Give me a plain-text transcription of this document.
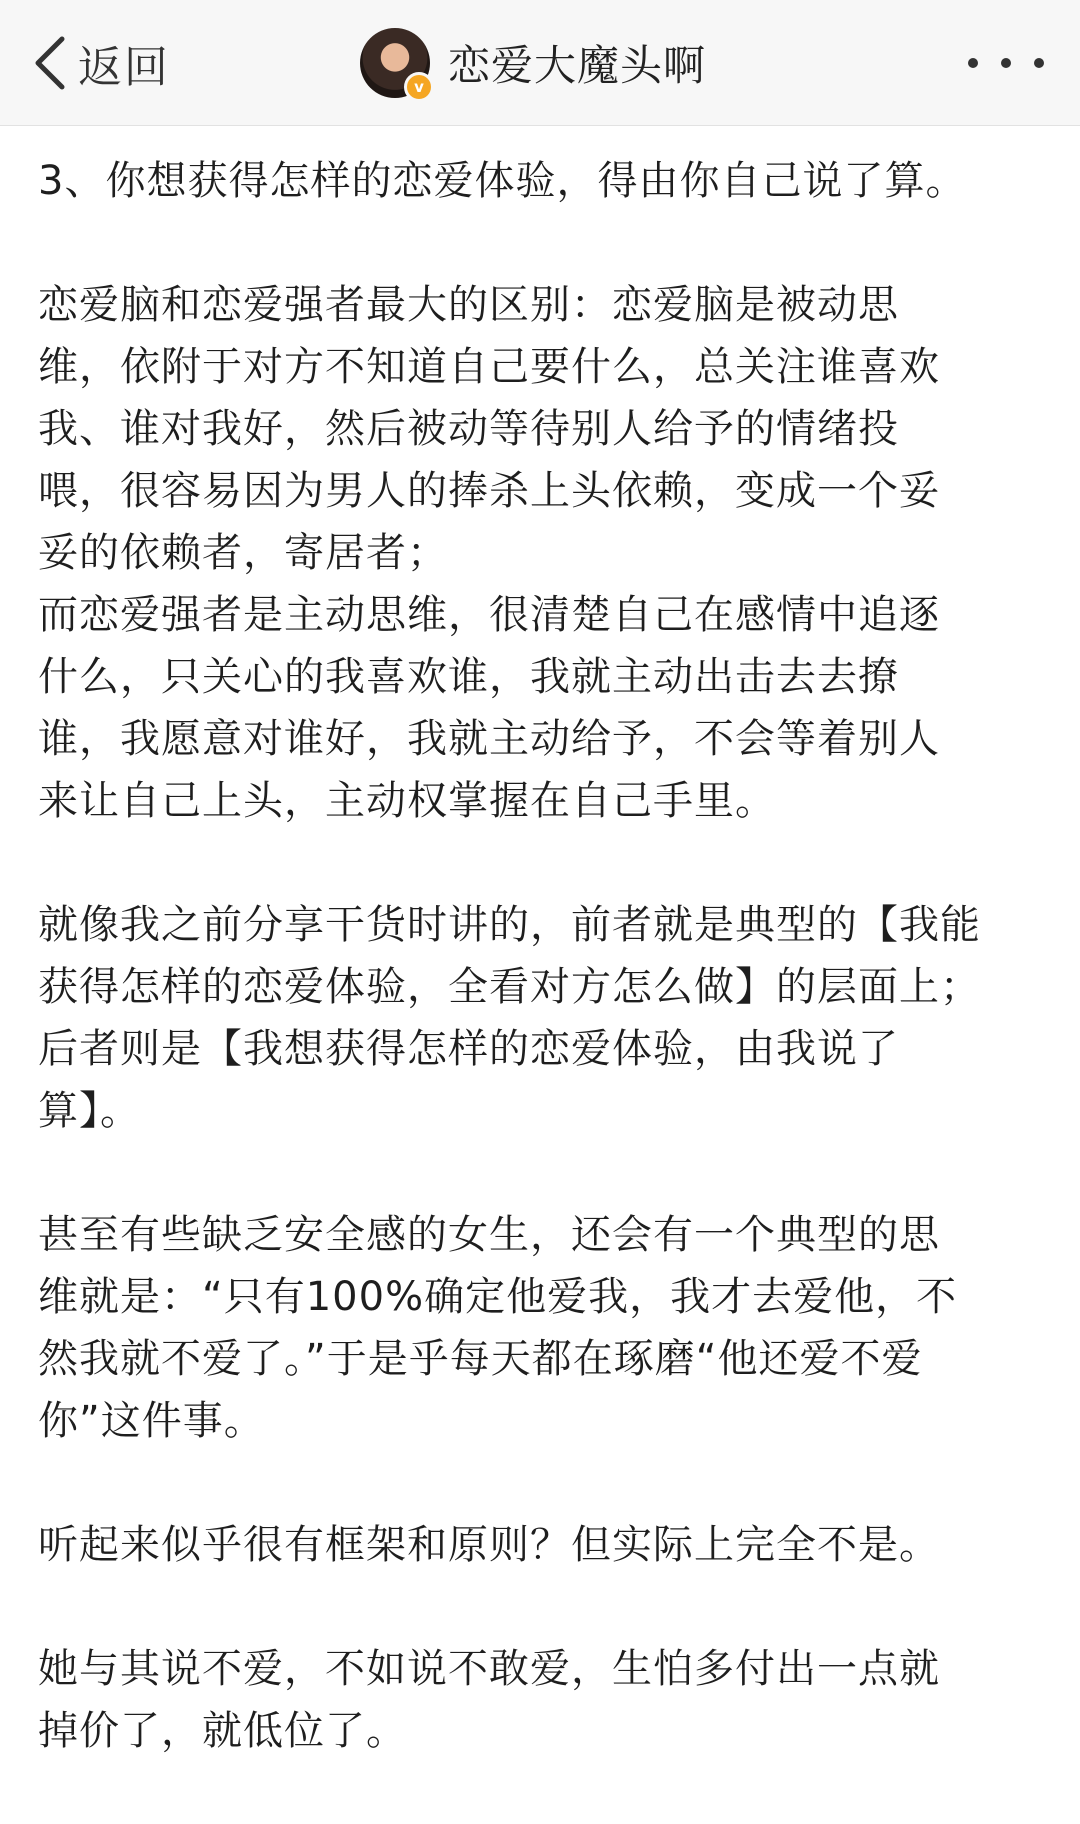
返回	v 恋爱大魔头啊

3、你想获得怎样的恋爱体验，得由你自己说了算。

恋爱脑和恋爱强者最大的区别：恋爱脑是被动思
维，依附于对方不知道自己要什么，总关注谁喜欢
我、谁对我好，然后被动等待别人给予的情绪投
喂，很容易因为男人的捧杀上头依赖，变成一个妥
妥的依赖者，寄居者；
而恋爱强者是主动思维，很清楚自己在感情中追逐
什么，只关心的我喜欢谁，我就主动出击去去撩
谁，我愿意对谁好，我就主动给予，不会等着别人
来让自己上头，主动权掌握在自己手里。

就像我之前分享干货时讲的，前者就是典型的【我能
获得怎样的恋爱体验，全看对方怎么做】的层面上；
后者则是【我想获得怎样的恋爱体验，由我说了
算】。

甚至有些缺乏安全感的女生，还会有一个典型的思
维就是：“只有100%确定他爱我，我才去爱他，不
然我就不爱了。”于是乎每天都在琢磨“他还爱不爱
你”这件事。

听起来似乎很有框架和原则？但实际上完全不是。

她与其说不爱，不如说不敢爱，生怕多付出一点就
掉价了，就低位了。
